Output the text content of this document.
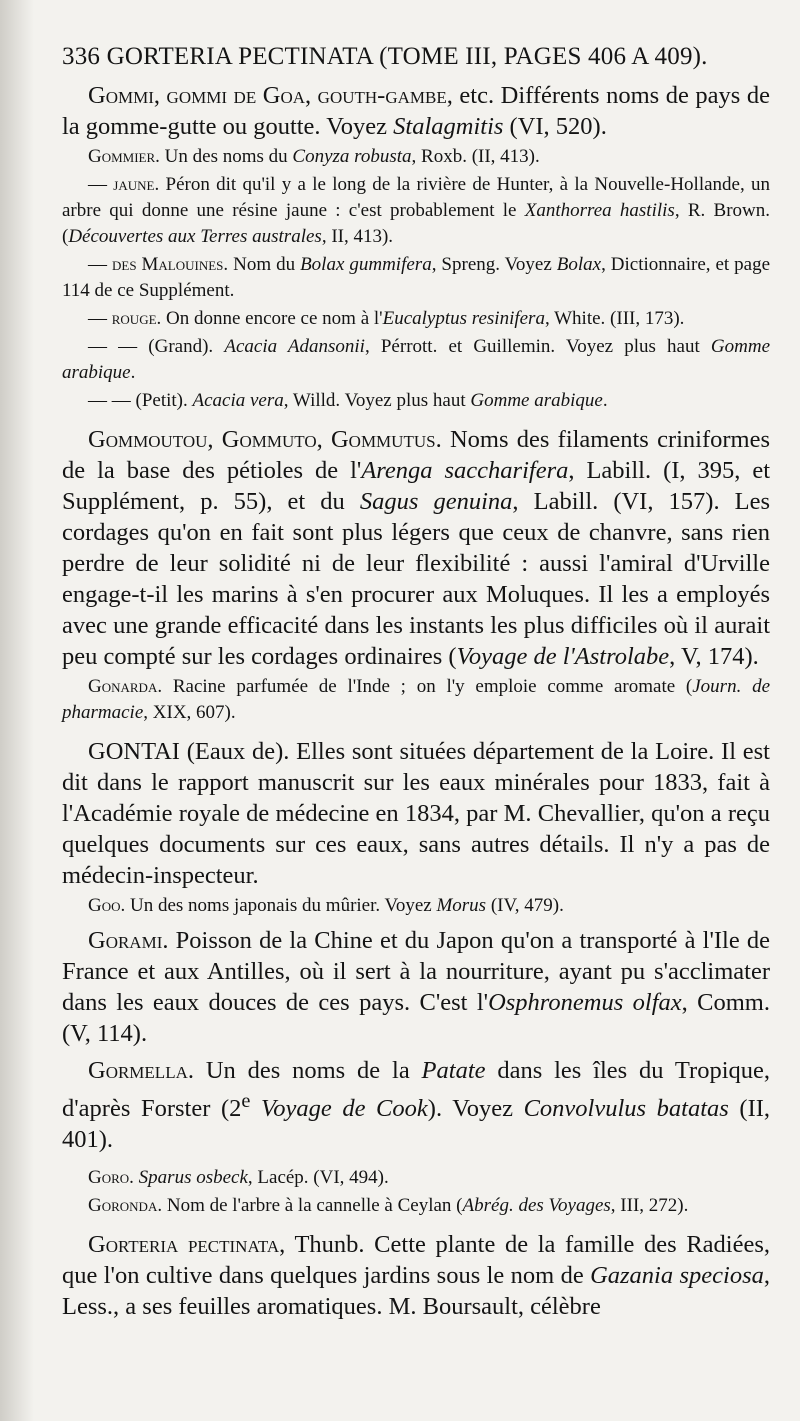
336 GORTERIA PECTINATA (TOME III, PAGES 406 A 409).

Gommi, gommi de Goa, gouth-gambe, etc. Différents noms de pays de la gomme-gutte ou goutte. Voyez Stalagmitis (VI, 520).

Gommier. Un des noms du Conyza robusta, Roxb. (II, 413).

— jaune. Péron dit qu'il y a le long de la rivière de Hunter, à la Nouvelle-Hollande, un arbre qui donne une résine jaune : c'est probablement le Xanthorrea hastilis, R. Brown. (Découvertes aux Terres australes, II, 413).

— des Malouines. Nom du Bolax gummifera, Spreng. Voyez Bolax, Dictionnaire, et page 114 de ce Supplément.

— rouge. On donne encore ce nom à l'Eucalyptus resinifera, White. (III, 173).

— — (Grand). Acacia Adansonii, Pérrott. et Guillemin. Voyez plus haut Gomme arabique.

— — (Petit). Acacia vera, Willd. Voyez plus haut Gomme arabique.

Gommoutou, Gommuto, Gommutus. Noms des filaments criniformes de la base des pétioles de l'Arenga saccharifera, Labill. (I, 395, et Supplément, p. 55), et du Sagus genuina, Labill. (VI, 157). Les cordages qu'on en fait sont plus légers que ceux de chanvre, sans rien perdre de leur solidité ni de leur flexibilité : aussi l'amiral d'Urville engage-t-il les marins à s'en procurer aux Moluques. Il les a employés avec une grande efficacité dans les instants les plus difficiles où il aurait peu compté sur les cordages ordinaires (Voyage de l'Astrolabe, V, 174).

Gonarda. Racine parfumée de l'Inde ; on l'y emploie comme aromate (Journ. de pharmacie, XIX, 607).

GONTAI (Eaux de). Elles sont situées département de la Loire. Il est dit dans le rapport manuscrit sur les eaux minérales pour 1833, fait à l'Académie royale de médecine en 1834, par M. Chevallier, qu'on a reçu quelques documents sur ces eaux, sans autres détails. Il n'y a pas de médecin-inspecteur.

Goo. Un des noms japonais du mûrier. Voyez Morus (IV, 479).

Gorami. Poisson de la Chine et du Japon qu'on a transporté à l'Ile de France et aux Antilles, où il sert à la nourriture, ayant pu s'acclimater dans les eaux douces de ces pays. C'est l'Osphronemus olfax, Comm. (V, 114).

Gormella. Un des noms de la Patate dans les îles du Tropique, d'après Forster (2e Voyage de Cook). Voyez Convolvulus batatas (II, 401).

Goro. Sparus osbeck, Lacép. (VI, 494).

Goronda. Nom de l'arbre à la cannelle à Ceylan (Abrég. des Voyages, III, 272).

Gorteria pectinata, Thunb. Cette plante de la famille des Radiées, que l'on cultive dans quelques jardins sous le nom de Gazania speciosa, Less., a ses feuilles aromatiques. M. Boursault, célèbre
